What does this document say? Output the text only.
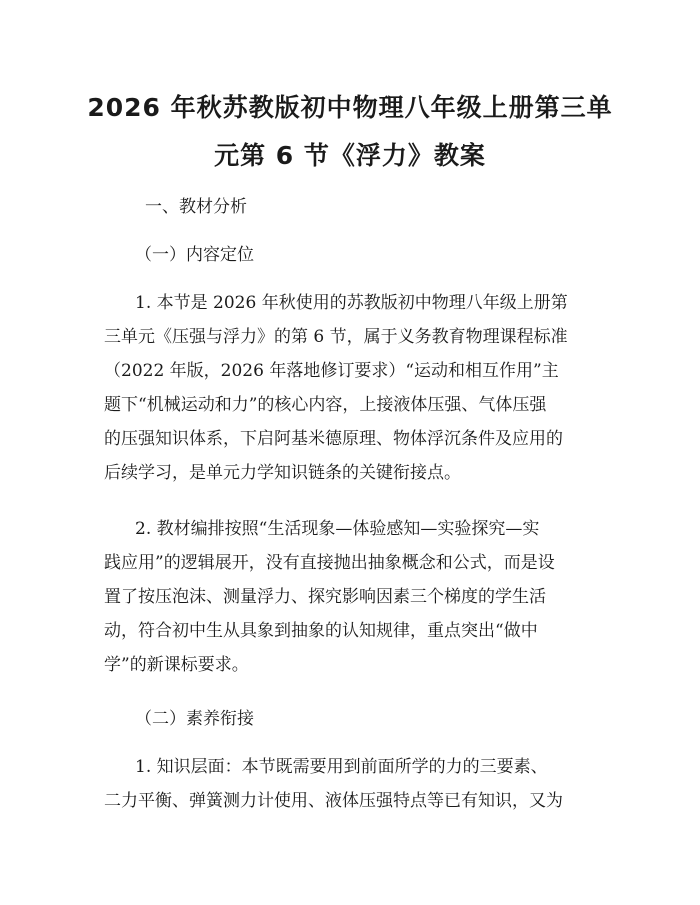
2026 年秋苏教版初中物理八年级上册第三单
元第 6 节《浮力》教案

一、教材分析

（一）内容定位

1. 本节是 2026 年秋使用的苏教版初中物理八年级上册第

三单元《压强与浮力》的第 6 节，属于义务教育物理课程标准

（2022 年版，2026 年落地修订要求）“运动和相互作用”主

题下“机械运动和力”的核心内容，上接液体压强、气体压强

的压强知识体系，下启阿基米德原理、物体浮沉条件及应用的

后续学习，是单元力学知识链条的关键衔接点。

2. 教材编排按照“生活现象—体验感知—实验探究—实

践应用”的逻辑展开，没有直接抛出抽象概念和公式，而是设

置了按压泡沫、测量浮力、探究影响因素三个梯度的学生活

动，符合初中生从具象到抽象的认知规律，重点突出“做中

学”的新课标要求。

（二）素养衔接

1. 知识层面：本节既需要用到前面所学的力的三要素、

二力平衡、弹簧测力计使用、液体压强特点等已有知识，又为
